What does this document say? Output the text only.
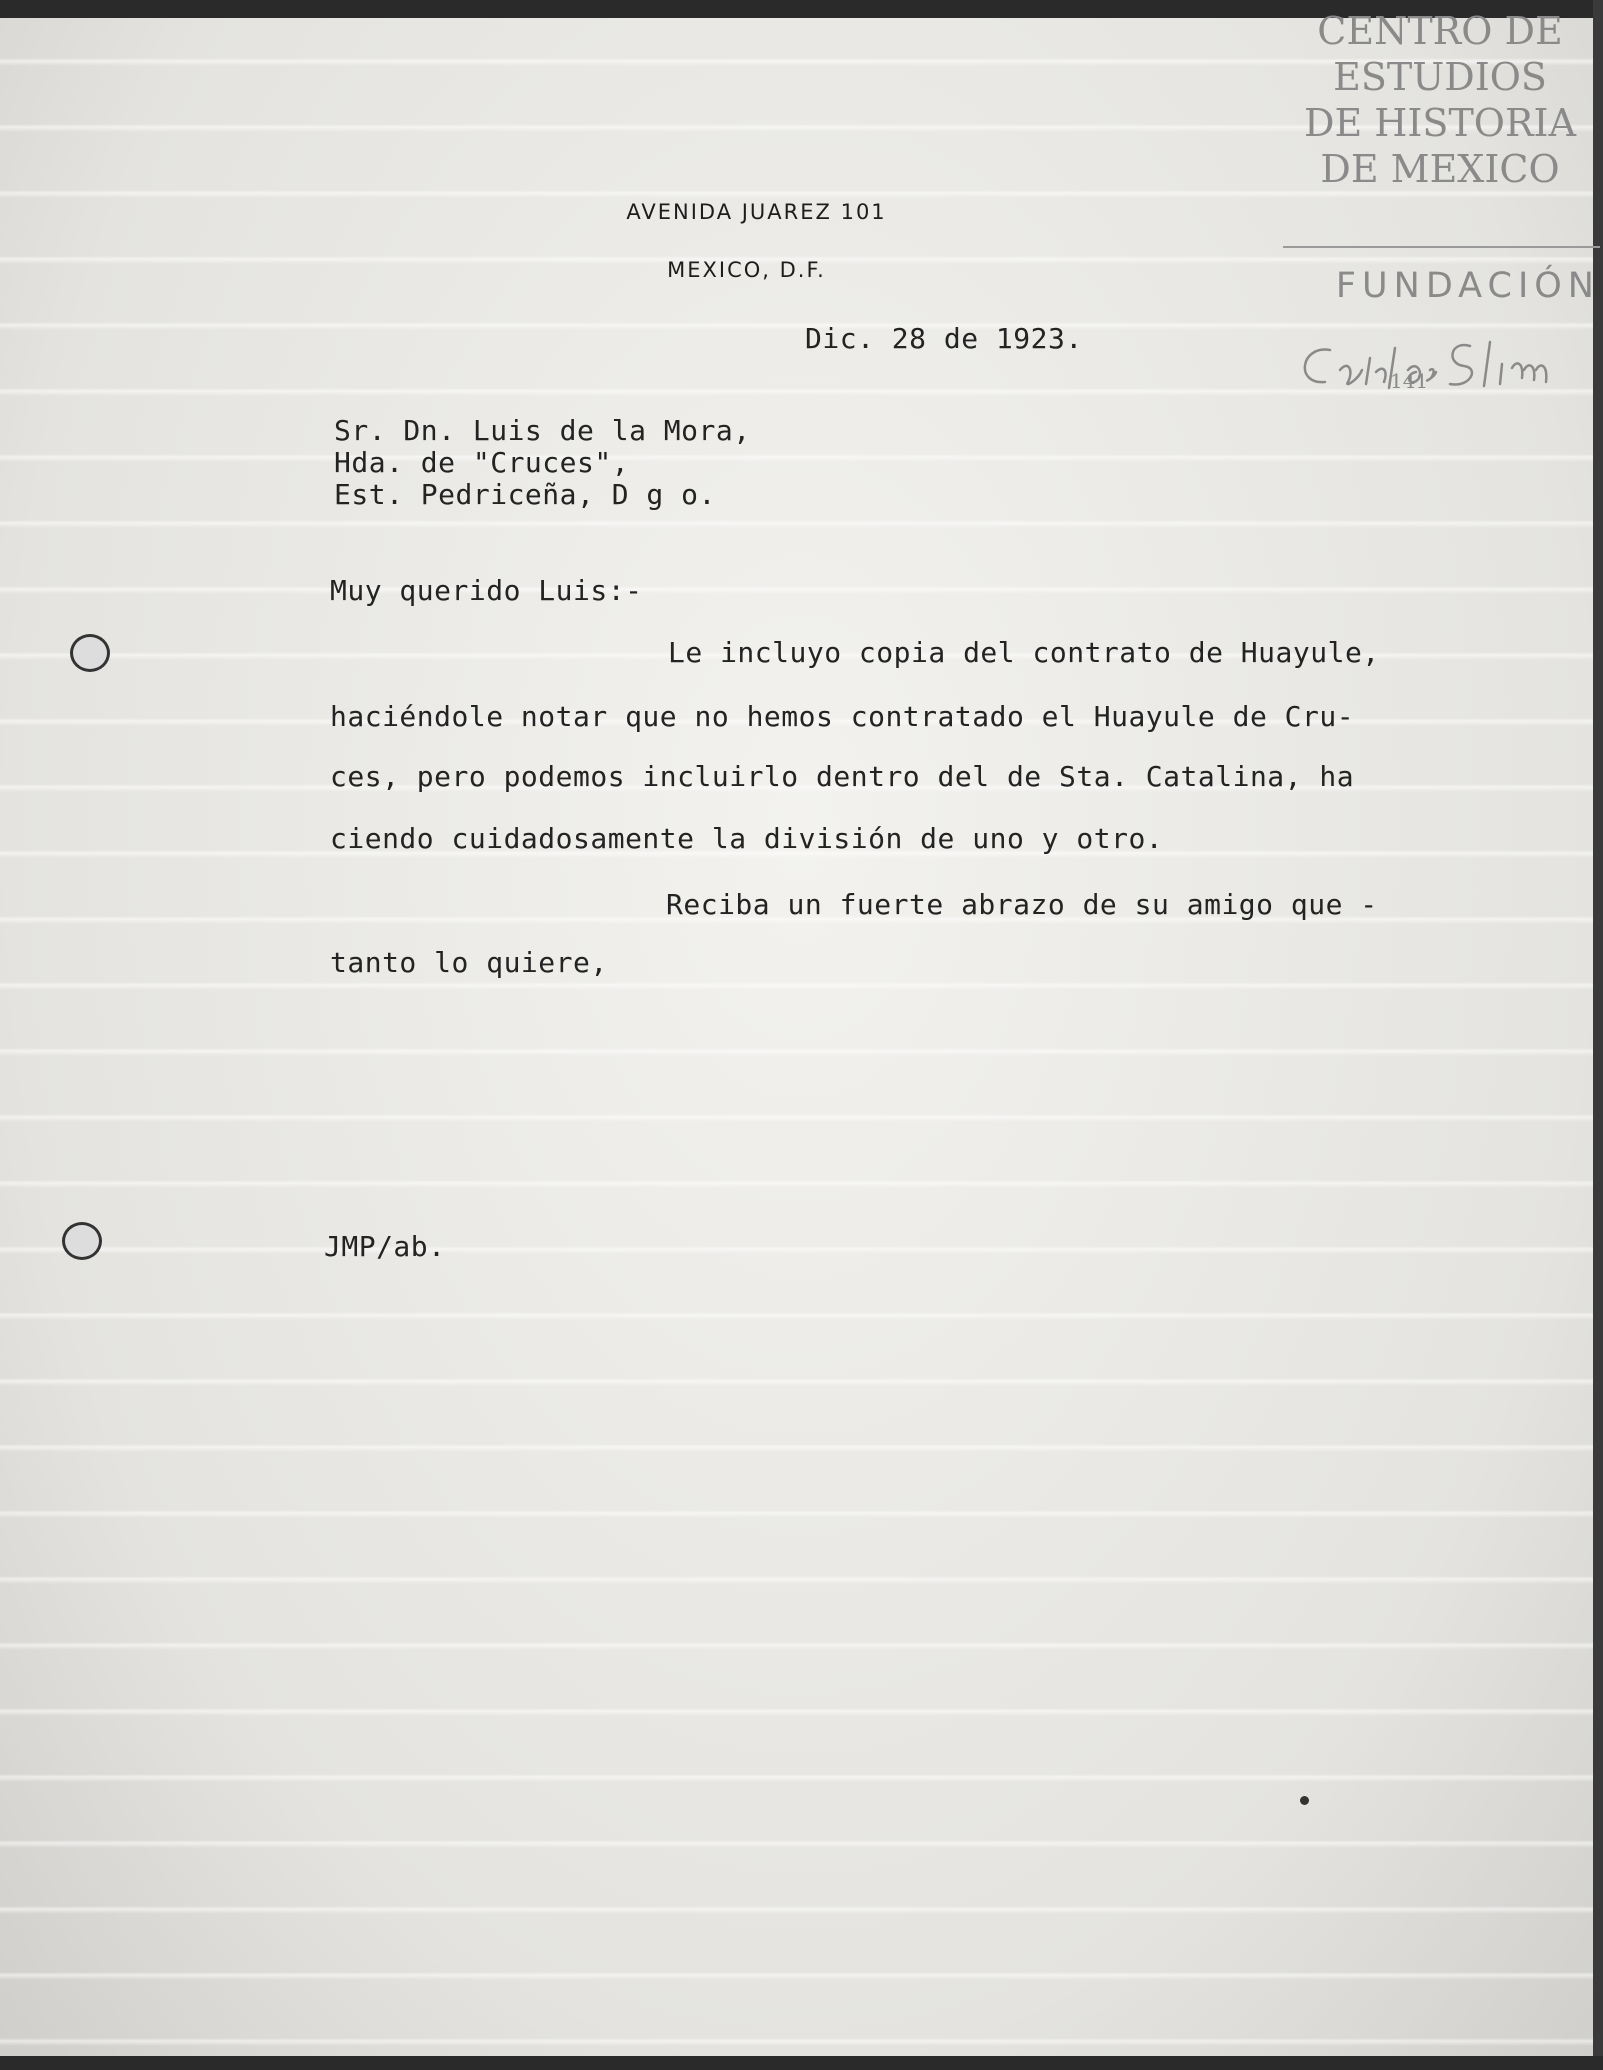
AVENIDA JUAREZ 101
MEXICO, D.F.
Dic. 28 de 1923.
Sr. Dn. Luis de la Mora,
Hda. de "Cruces",
Est. Pedriceña, D g o.
Muy querido Luis:-
Le incluyo copia del contrato de Huayule,
haciéndole notar que no hemos contratado el Huayule de Cru-
ces, pero podemos incluirlo dentro del de Sta. Catalina, ha
ciendo cuidadosamente la división de uno y otro.
Reciba un fuerte abrazo de su amigo que -
tanto lo quiere,
JMP/ab.
CENTRO DE
ESTUDIOS
DE HISTORIA
DE MEXICO
FUNDACIÓN
141
